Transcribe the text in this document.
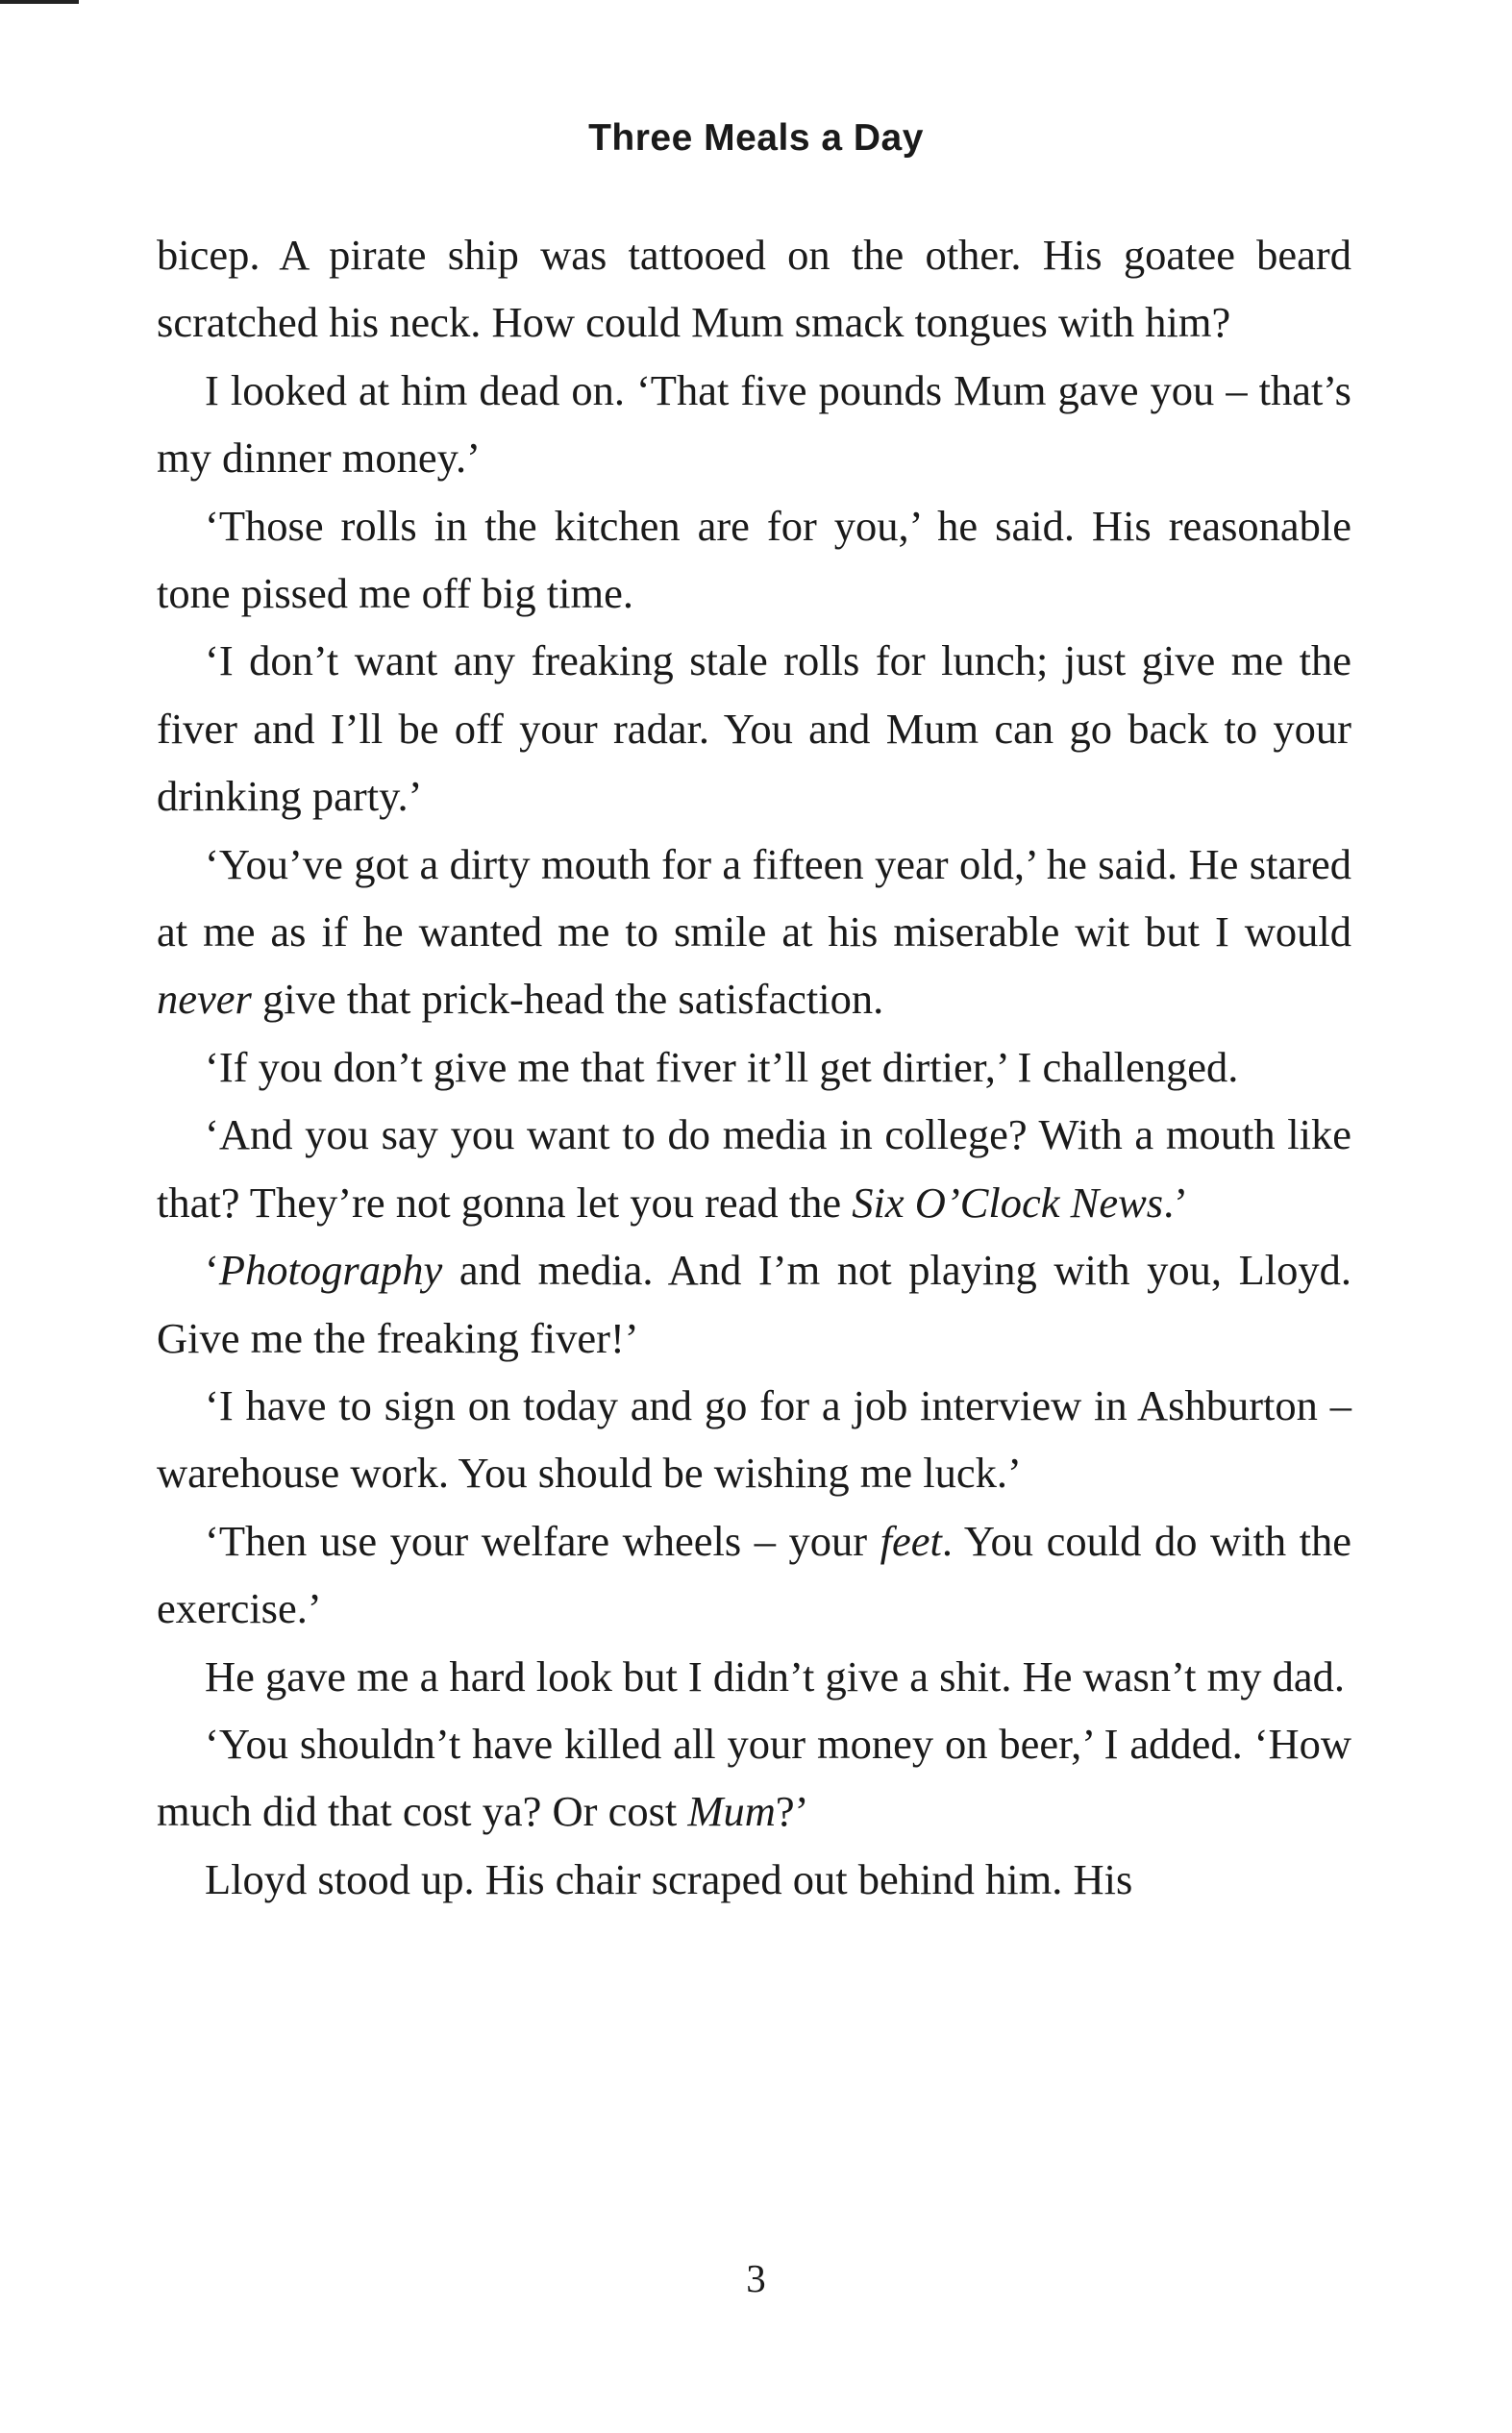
Three Meals a Day

bicep. A pirate ship was tattooed on the other. His goatee beard scratched his neck. How could Mum smack tongues with him?

I looked at him dead on. ‘That five pounds Mum gave you – that’s my dinner money.’

‘Those rolls in the kitchen are for you,’ he said. His reasonable tone pissed me off big time.

‘I don’t want any freaking stale rolls for lunch; just give me the fiver and I’ll be off your radar. You and Mum can go back to your drinking party.’

‘You’ve got a dirty mouth for a fifteen year old,’ he said. He stared at me as if he wanted me to smile at his miserable wit but I would never give that prick-head the satisfaction.

‘If you don’t give me that fiver it’ll get dirtier,’ I challenged.

‘And you say you want to do media in college? With a mouth like that? They’re not gonna let you read the Six O’Clock News.’

‘Photography and media. And I’m not playing with you, Lloyd. Give me the freaking fiver!’

‘I have to sign on today and go for a job interview in Ashburton – warehouse work. You should be wishing me luck.’

‘Then use your welfare wheels – your feet. You could do with the exercise.’

He gave me a hard look but I didn’t give a shit. He wasn’t my dad.

‘You shouldn’t have killed all your money on beer,’ I added. ‘How much did that cost ya? Or cost Mum?’

Lloyd stood up. His chair scraped out behind him. His

3
